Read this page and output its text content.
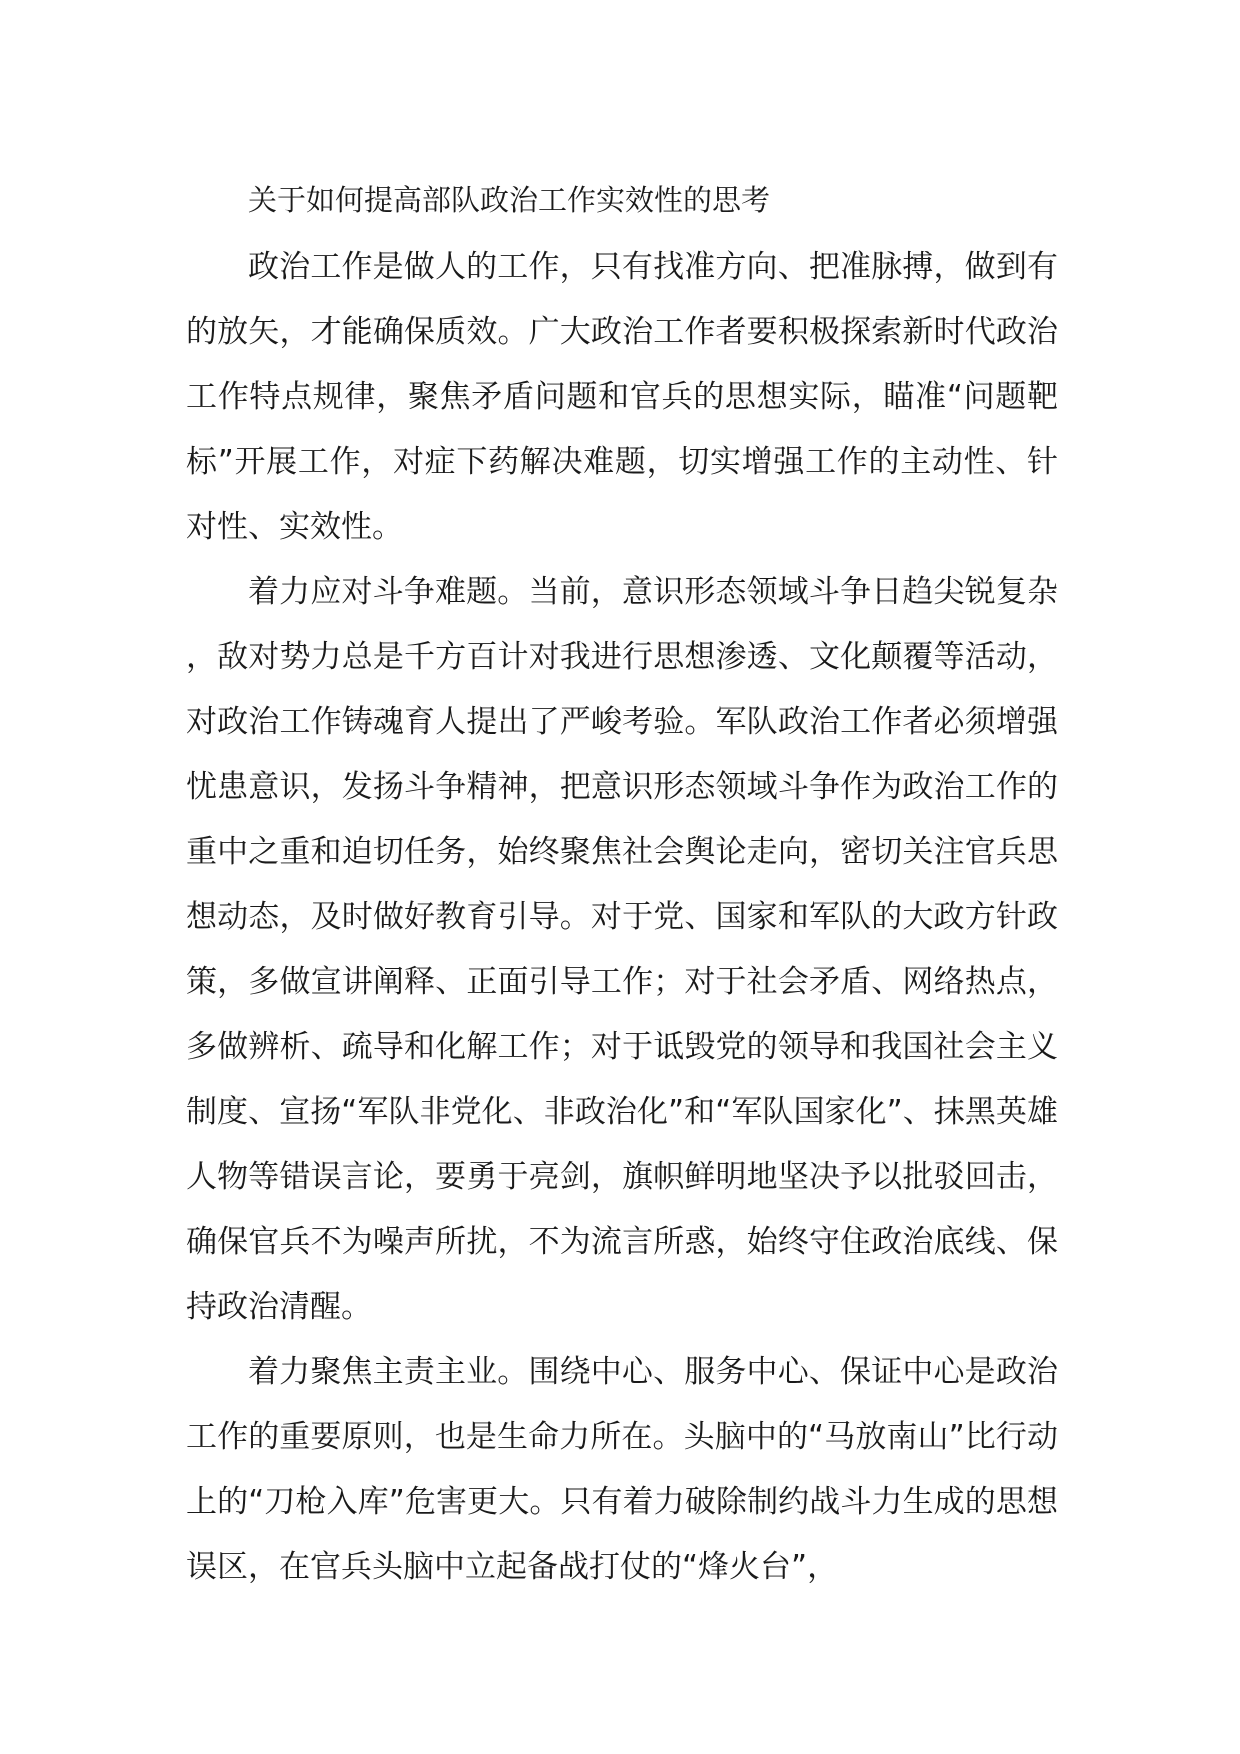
关于如何提高部队政治工作实效性的思考

政治工作是做人的工作，只有找准方向、把准脉搏，做到有的放矢，才能确保质效。广大政治工作者要积极探索新时代政治工作特点规律，聚焦矛盾问题和官兵的思想实际，瞄准“问题靶标”开展工作，对症下药解决难题，切实增强工作的主动性、针对性、实效性。

着力应对斗争难题。当前，意识形态领域斗争日趋尖锐复杂，敌对势力总是千方百计对我进行思想渗透、文化颠覆等活动，对政治工作铸魂育人提出了严峻考验。军队政治工作者必须增强忧患意识，发扬斗争精神，把意识形态领域斗争作为政治工作的重中之重和迫切任务，始终聚焦社会舆论走向，密切关注官兵思想动态，及时做好教育引导。对于党、国家和军队的大政方针政策，多做宣讲阐释、正面引导工作；对于社会矛盾、网络热点，多做辨析、疏导和化解工作；对于诋毁党的领导和我国社会主义制度、宣扬“军队非党化、非政治化”和“军队国家化”、抹黑英雄人物等错误言论，要勇于亮剑，旗帜鲜明地坚决予以批驳回击，确保官兵不为噪声所扰，不为流言所惑，始终守住政治底线、保持政治清醒。

着力聚焦主责主业。围绕中心、服务中心、保证中心是政治工作的重要原则，也是生命力所在。头脑中的“马放南山”比行动上的“刀枪入库”危害更大。只有着力破除制约战斗力生成的思想误区，在官兵头脑中立起备战打仗的“烽火台”，
